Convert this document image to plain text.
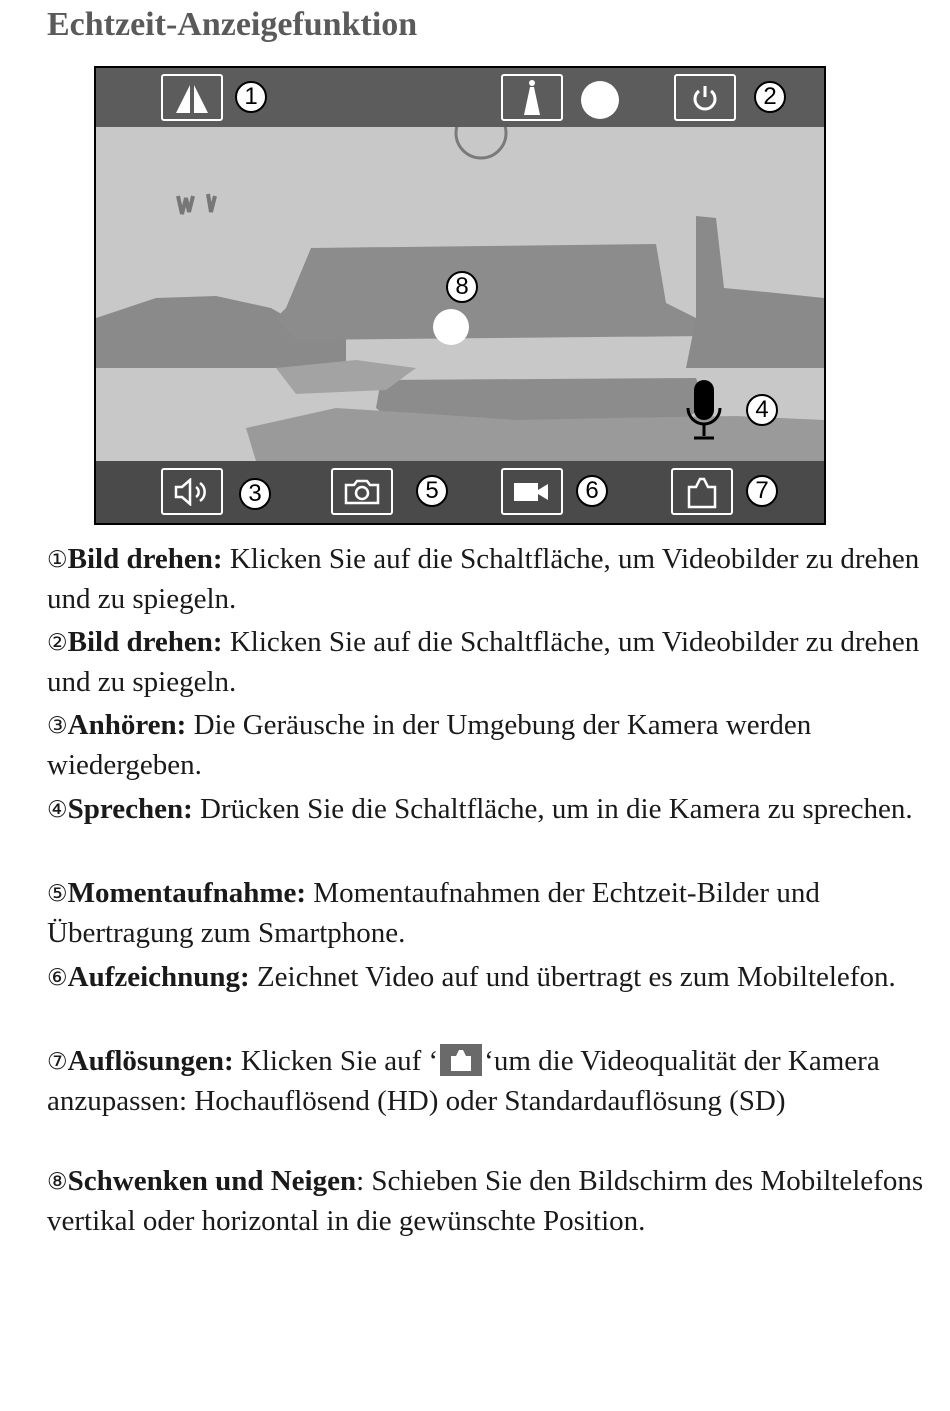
Echtzeit-Anzeigefunktion
1	2
3
4
5	6	7
8

①Bild drehen: Klicken Sie auf die Schaltfläche, um Videobilder zu drehen und zu spiegeln.

②Bild drehen: Klicken Sie auf die Schaltfläche, um Videobilder zu drehen und zu spiegeln.

③Anhören: Die Geräusche in der Umgebung der Kamera werden wiedergeben.

④Sprechen: Drücken Sie die Schaltfläche, um in die Kamera zu sprechen.

⑤Momentaufnahme: Momentaufnahmen der Echtzeit-Bilder und Übertragung zum Smartphone.

⑥Aufzeichnung: Zeichnet Video auf und übertragt es zum Mobiltelefon.

⑦Auflösungen: Klicken Sie auf ‘ ‘um die Videoqualität der Kamera anzupassen: Hochauflösend (HD) oder Standardauflösung (SD)

⑧Schwenken und Neigen: Schieben Sie den Bildschirm des Mobiltelefons vertikal oder horizontal in die gewünschte Position.
